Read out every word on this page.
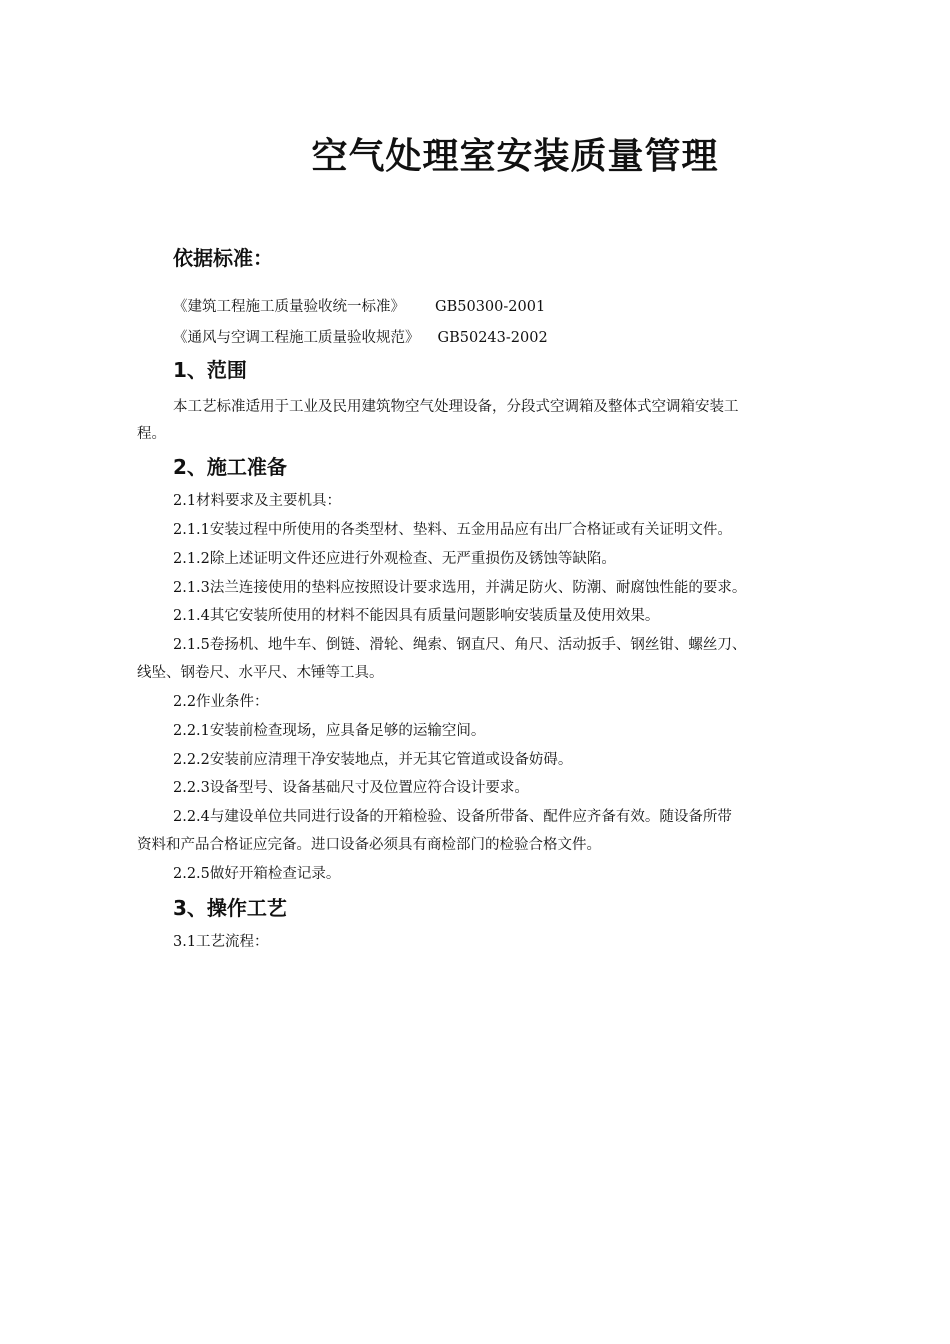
空气处理室安装质量管理
依据标准：
《建筑工程施工质量验收统一标准》 GB50300-2001
《通风与空调工程施工质量验收规范》 GB50243-2002
1、范围
本工艺标准适用于工业及民用建筑物空气处理设备，分段式空调箱及整体式空调箱安装工
程。
2、施工准备
2.1材料要求及主要机具：
2.1.1安装过程中所使用的各类型材、垫料、五金用品应有出厂合格证或有关证明文件。
2.1.2除上述证明文件还应进行外观检查、无严重损伤及锈蚀等缺陷。
2.1.3法兰连接使用的垫料应按照设计要求选用，并满足防火、防潮、耐腐蚀性能的要求。
2.1.4其它安装所使用的材料不能因具有质量问题影响安装质量及使用效果。
2.1.5卷扬机、地牛车、倒链、滑轮、绳索、钢直尺、角尺、活动扳手、钢丝钳、螺丝刀、
线坠、钢卷尺、水平尺、木锤等工具。
2.2作业条件：
2.2.1安装前检查现场，应具备足够的运输空间。
2.2.2安装前应清理干净安装地点，并无其它管道或设备妨碍。
2.2.3设备型号、设备基础尺寸及位置应符合设计要求。
2.2.4与建设单位共同进行设备的开箱检验、设备所带备、配件应齐备有效。随设备所带
资料和产品合格证应完备。进口设备必须具有商检部门的检验合格文件。
2.2.5做好开箱检查记录。
3、操作工艺
3.1工艺流程：
